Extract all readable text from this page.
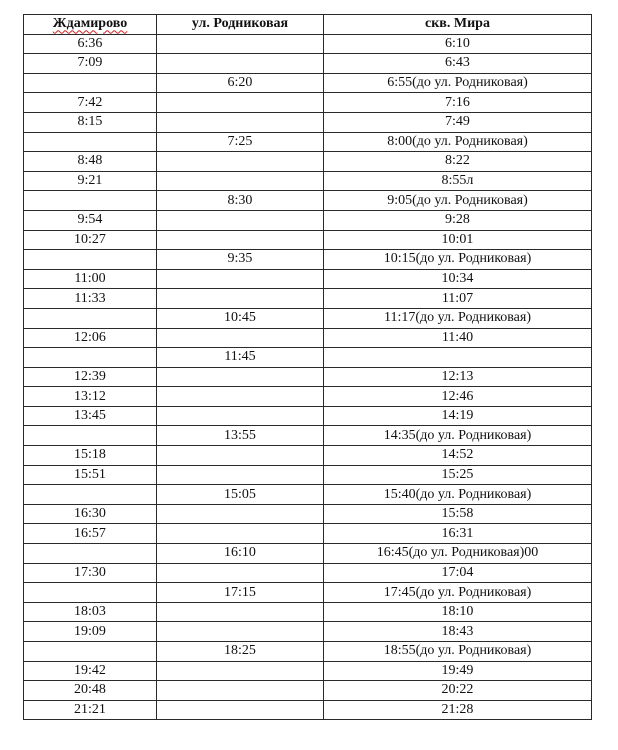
Ждамирово	ул. Родниковая	скв. Мира
6:36		6:10
7:09		6:43
	6:20	6:55(до ул. Родниковая)
7:42		7:16
8:15		7:49
	7:25	8:00(до ул. Родниковая)
8:48		8:22
9:21		8:55л
	8:30	9:05(до ул. Родниковая)
9:54		9:28
10:27		10:01
	9:35	10:15(до ул. Родниковая)
11:00		10:34
11:33		11:07
	10:45	11:17(до ул. Родниковая)
12:06		11:40
	11:45	
12:39		12:13
13:12		12:46
13:45		14:19
	13:55	14:35(до ул. Родниковая)
15:18		14:52
15:51		15:25
	15:05	15:40(до ул. Родниковая)
16:30		15:58
16:57		16:31
	16:10	16:45(до ул. Родниковая)00
17:30		17:04
	17:15	17:45(до ул. Родниковая)
18:03		18:10
19:09		18:43
	18:25	18:55(до ул. Родниковая)
19:42		19:49
20:48		20:22
21:21		21:28
